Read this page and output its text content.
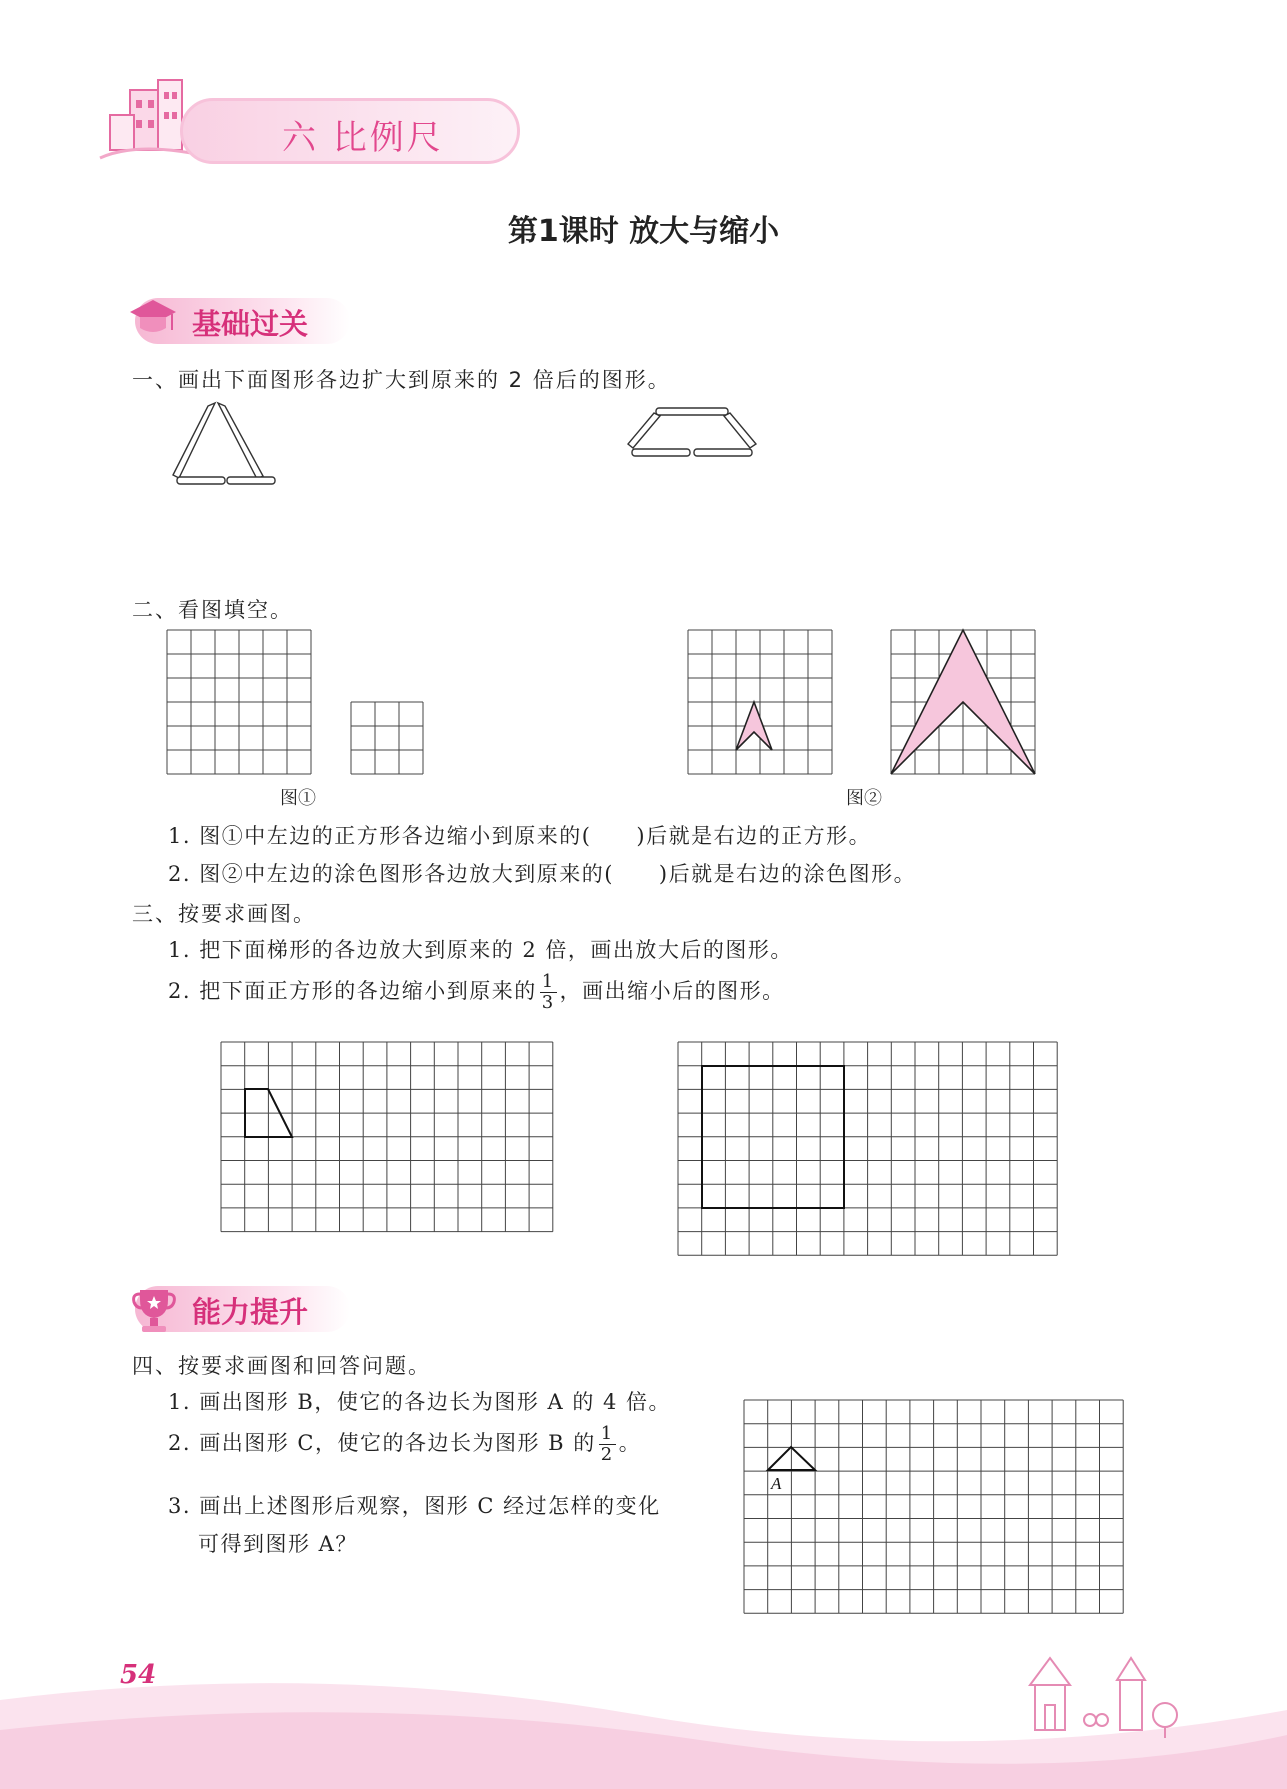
六 比例尺
第1课时 放大与缩小
基础过关
一、画出下面图形各边扩大到原来的 2 倍后的图形。
二、看图填空。
图①	图②
1. 图①中左边的正方形各边缩小到原来的(　　)后就是右边的正方形。
2. 图②中左边的涂色图形各边放大到原来的(　　)后就是右边的涂色图形。
三、按要求画图。
1. 把下面梯形的各边放大到原来的 2 倍，画出放大后的图形。
2. 把下面正方形的各边缩小到原来的 $\frac{1}{3}$ ，画出缩小后的图形。
能力提升
四、按要求画图和回答问题。
1. 画出图形 B，使它的各边长为图形 A 的 4 倍。
2. 画出图形 C，使它的各边长为图形 B 的 $\frac{1}{2}$ 。
3. 画出上述图形后观察，图形 C 经过怎样的变化
可得到图形 A？
A
54
